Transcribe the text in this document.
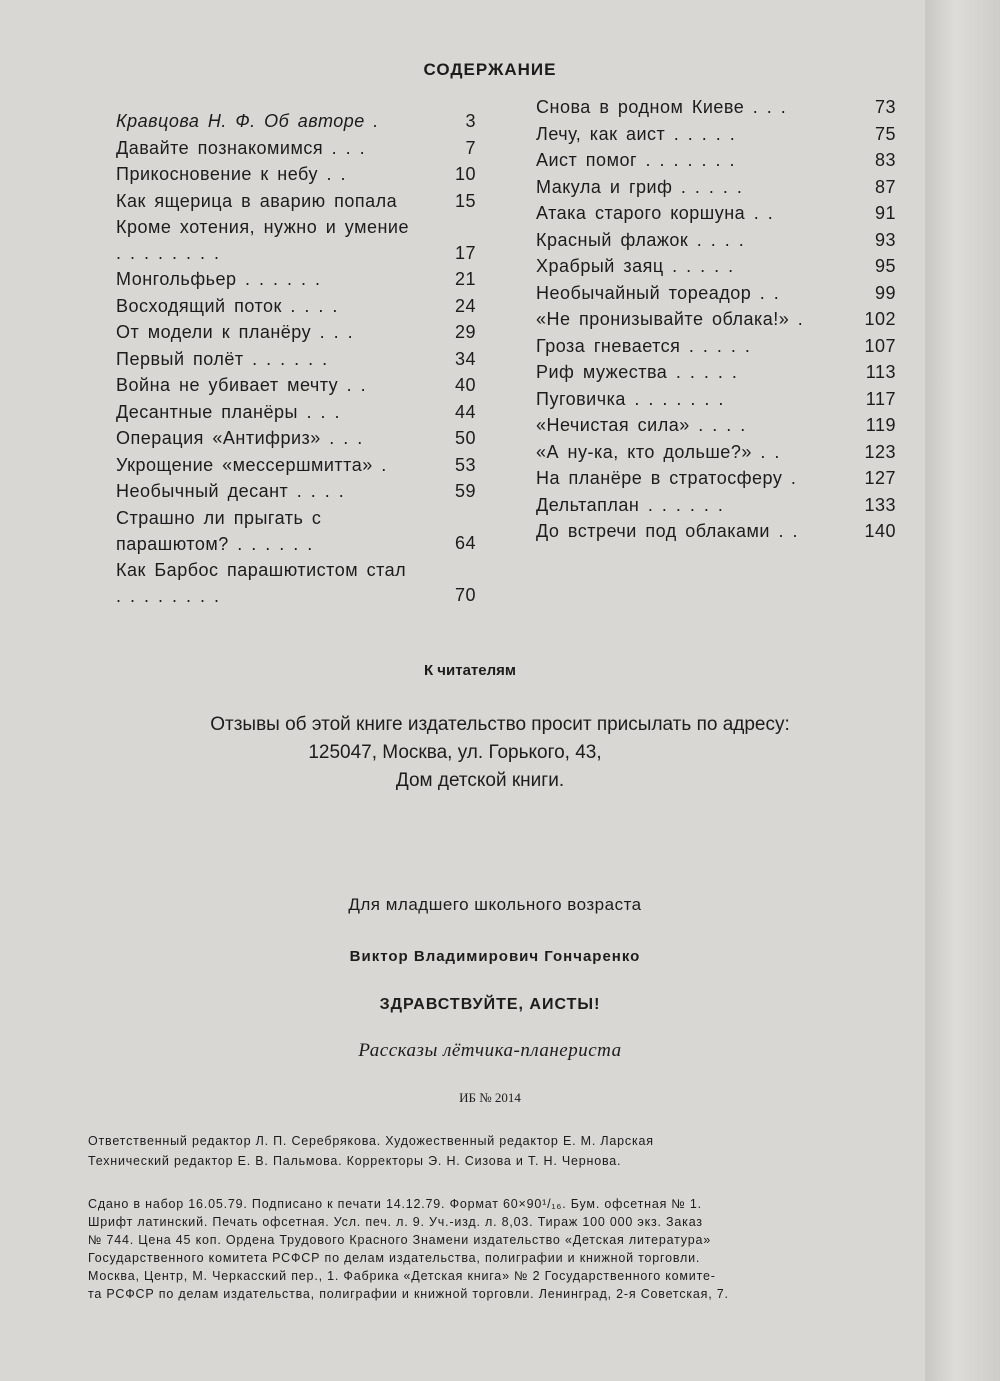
СОДЕРЖАНИЕ
Кравцова Н. Ф. Об авторе .	3
Давайте познакомимся . . .	7
Прикосновение к небу . .	10
Как ящерица в аварию попала	15
Кроме хотения, нужно и умение . . . . . . . .	17
Монгольфьер . . . . . .	21
Восходящий поток . . . .	24
От модели к планёру . . .	29
Первый полёт . . . . . .	34
Война не убивает мечту . .	40
Десантные планёры . . .	44
Операция «Антифриз» . . .	50
Укрощение «мессершмитта» .	53
Необычный десант . . . .	59
Страшно ли прыгать с парашютом? . . . . . .	64
Как Барбос парашютистом стал . . . . . . . .	70
Снова в родном Киеве . . .	73
Лечу, как аист . . . . .	75
Аист помог . . . . . . .	83
Макула и гриф . . . . .	87
Атака старого коршуна . .	91
Красный флажок . . . .	93
Храбрый заяц . . . . .	95
Необычайный тореадор . .	99
«Не пронизывайте облака!» .	102
Гроза гневается . . . . .	107
Риф мужества . . . . .	113
Пуговичка . . . . . . .	117
«Нечистая сила» . . . .	119
«А ну-ка, кто дольше?» . .	123
На планёре в стратосферу .	127
Дельтаплан . . . . . .	133
До встречи под облаками . .	140
К читателям
Отзывы об этой книге издательство просит присылать по адресу:
125047, Москва, ул. Горького, 43,
Дом детской книги.
Для младшего школьного возраста
Виктор Владимирович Гончаренко
ЗДРАВСТВУЙТЕ, АИСТЫ!
Рассказы лётчика-планериста
ИБ № 2014
Ответственный редактор Л. П. Серебрякова. Художественный редактор Е. М. Ларская
Технический редактор Е. В. Пальмова. Корректоры Э. Н. Сизова и Т. Н. Чернова.
Сдано в набор 16.05.79. Подписано к печати 14.12.79. Формат 60×90¹/₁₆. Бум. офсетная № 1.
Шрифт латинский. Печать офсетная. Усл. печ. л. 9. Уч.-изд. л. 8,03. Тираж 100 000 экз. Заказ
№ 744. Цена 45 коп. Ордена Трудового Красного Знамени издательство «Детская литература»
Государственного комитета РСФСР по делам издательства, полиграфии и книжной торговли.
Москва, Центр, М. Черкасский пер., 1. Фабрика «Детская книга» № 2 Государственного комите-
та РСФСР по делам издательства, полиграфии и книжной торговли. Ленинград, 2-я Советская, 7.
